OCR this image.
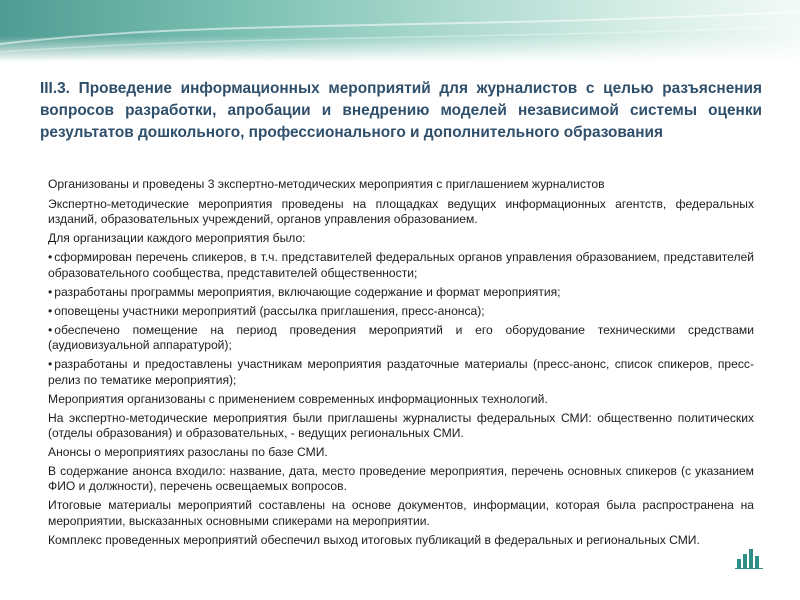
III.3. Проведение информационных мероприятий для журналистов с целью разъяснения вопросов разработки, апробации и внедрению моделей независимой системы оценки результатов дошкольного, профессионального и дополнительного образования
Организованы и проведены 3 экспертно-методических мероприятия с приглашением журналистов
Экспертно-методические мероприятия проведены на площадках ведущих информационных агентств, федеральных изданий, образовательных учреждений, органов управления образованием.
Для организации каждого мероприятия было:
• сформирован перечень спикеров, в т.ч. представителей федеральных органов управления образованием, представителей образовательного сообщества, представителей общественности;
• разработаны программы мероприятия, включающие содержание и формат мероприятия;
• оповещены участники мероприятий (рассылка приглашения, пресс-анонса);
• обеспечено помещение на период проведения мероприятий и его оборудование техническими средствами (аудиовизуальной аппаратурой);
• разработаны и предоставлены участникам мероприятия раздаточные материалы (пресс-анонс, список спикеров, пресс-релиз по тематике мероприятия);
Мероприятия организованы с применением современных информационных технологий.
На экспертно-методические мероприятия были приглашены журналисты федеральных СМИ: общественно политических (отделы образования) и образовательных, - ведущих региональных СМИ.
Анонсы о мероприятиях разосланы по базе СМИ.
В содержание анонса входило: название, дата, место проведение мероприятия, перечень основных спикеров (с указанием ФИО и должности), перечень освещаемых вопросов.
Итоговые материалы мероприятий составлены на основе документов, информации, которая была распространена на мероприятии, высказанных основными спикерами на мероприятии.
Комплекс проведенных мероприятий обеспечил выход итоговых публикаций в федеральных и региональных СМИ.
